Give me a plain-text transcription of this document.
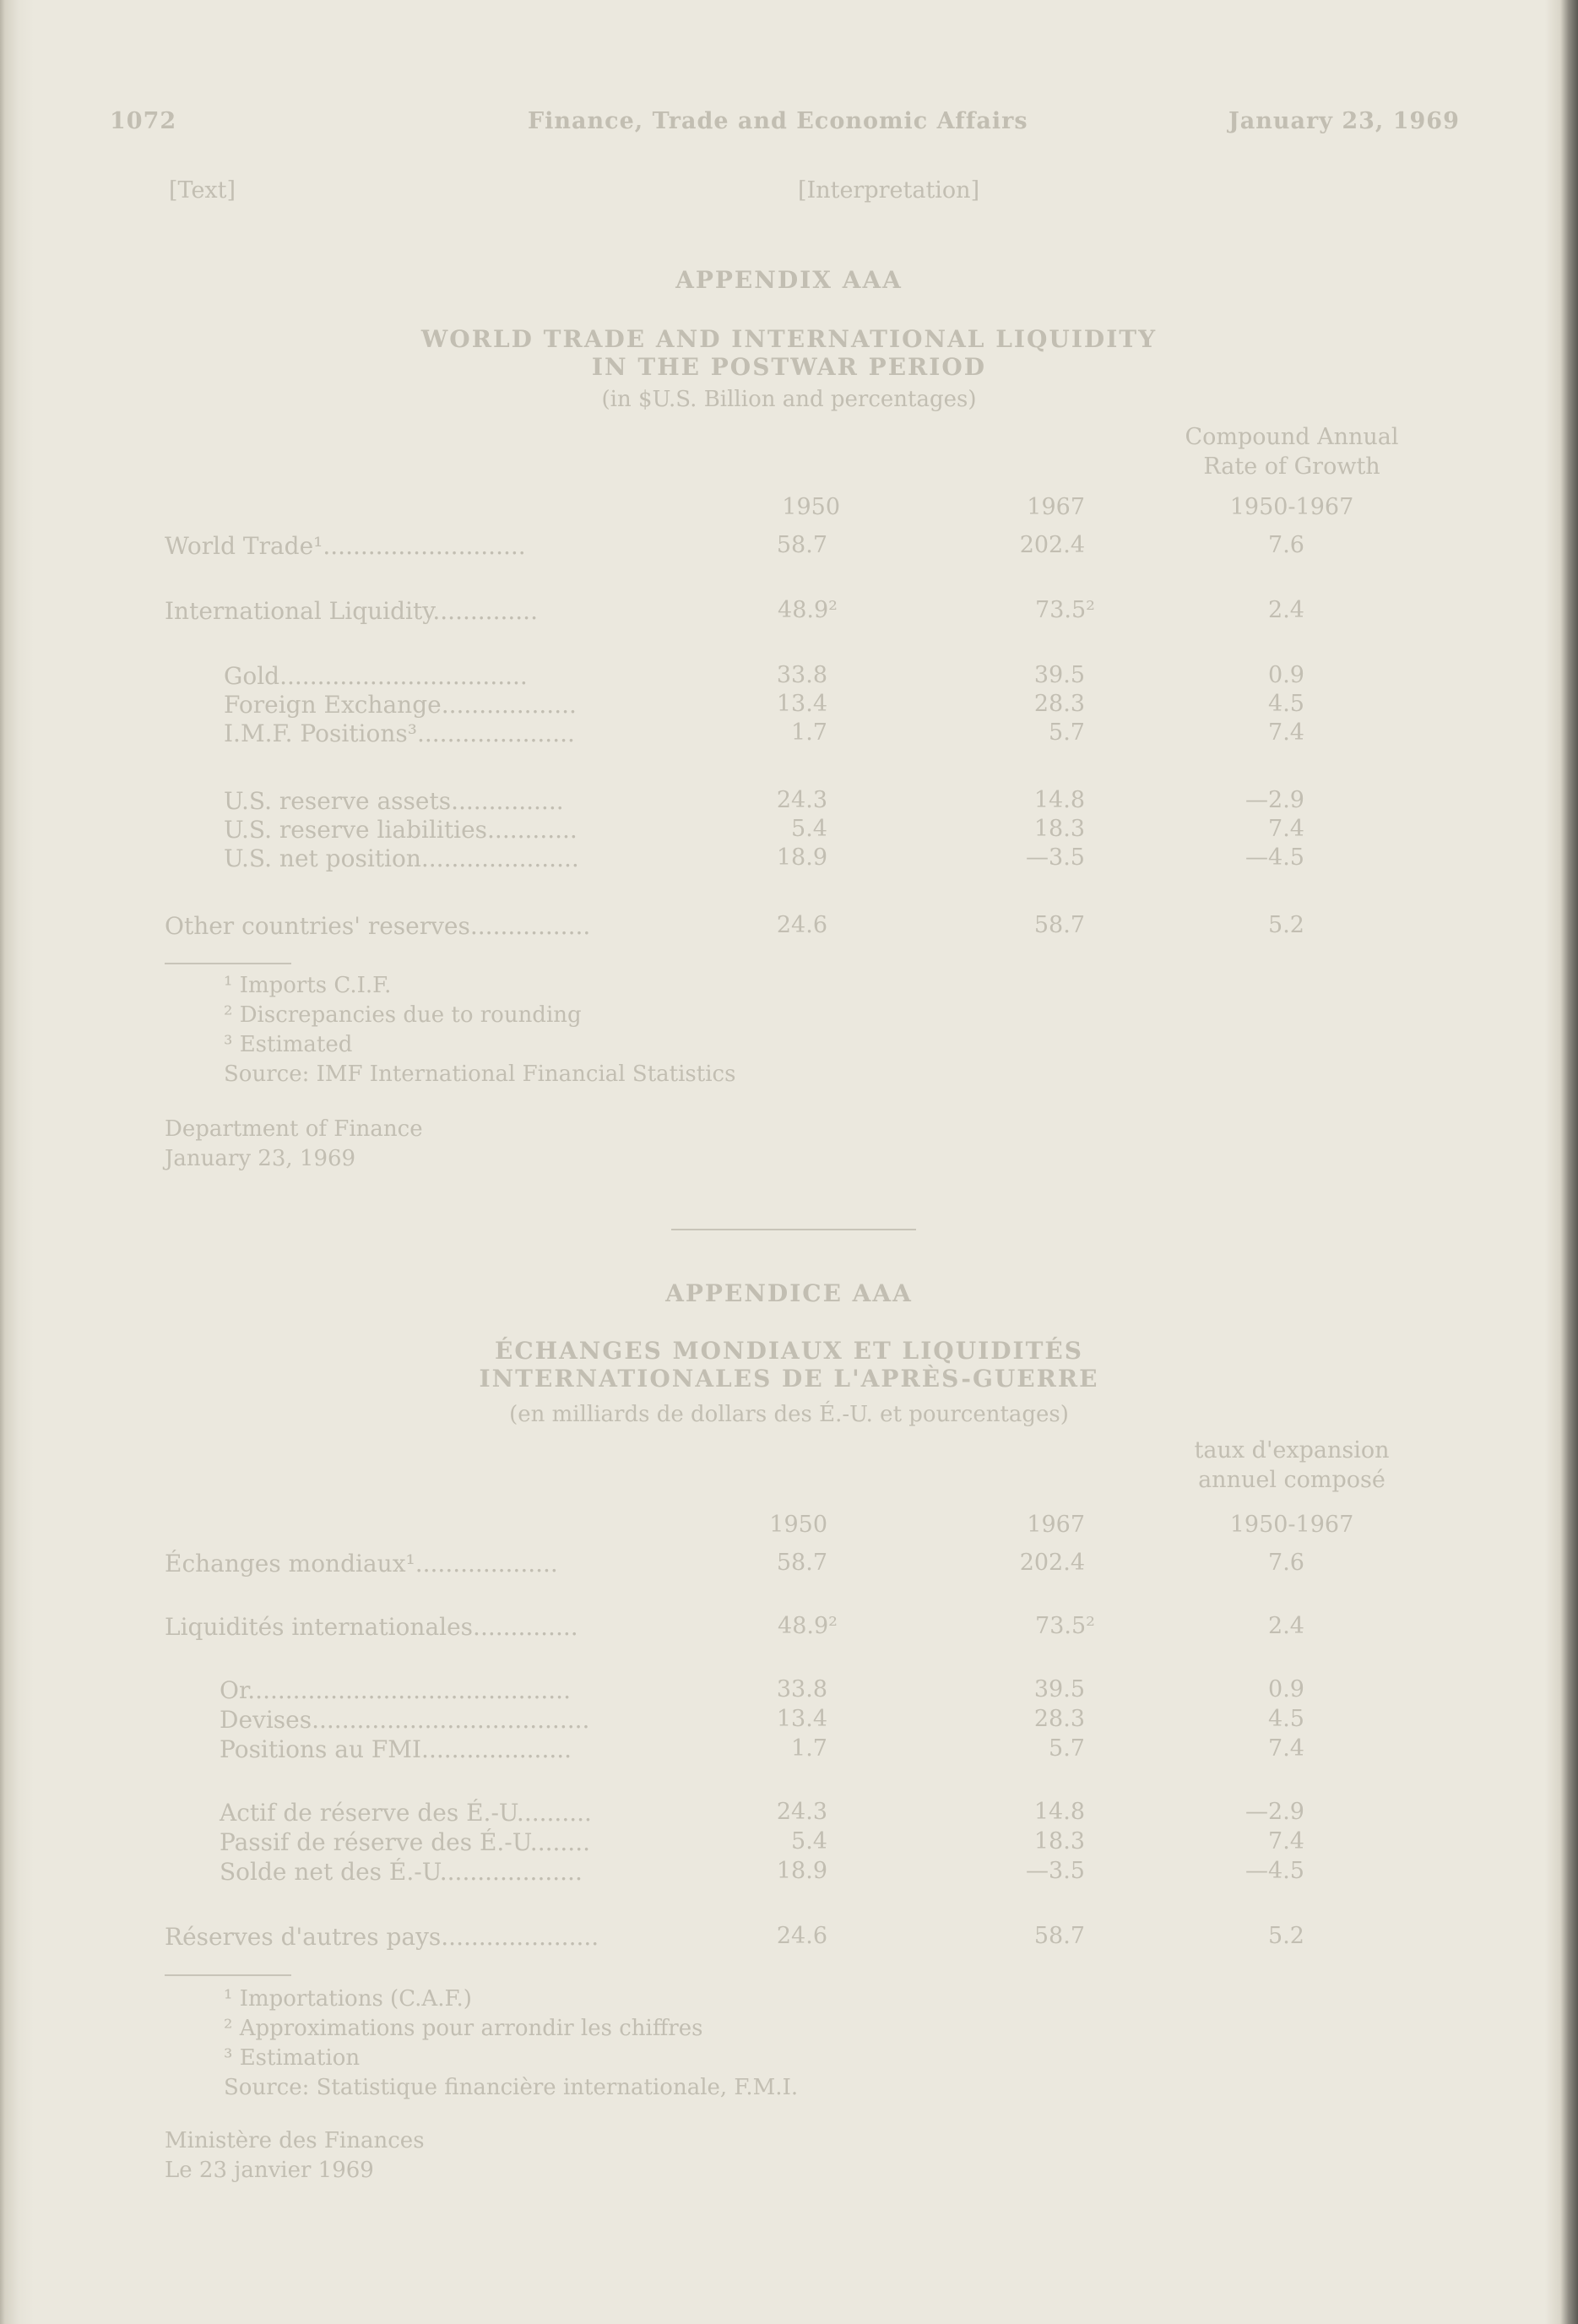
1072	Finance, Trade and Economic Affairs	January 23, 1969
[Text]	[Interpretation]
APPENDIX AAA
WORLD TRADE AND INTERNATIONAL LIQUIDITY
IN THE POSTWAR PERIOD
(in $U.S. Billion and percentages)
Compound Annual
Rate of Growth
1950	1967	1950-1967
World Trade¹...........................	58.7	202.4	7.6
International Liquidity..............	48.9²	73.5²	2.4
Gold.................................	33.8	39.5	0.9
Foreign Exchange..................	13.4	28.3	4.5
I.M.F. Positions³.....................	1.7	5.7	7.4
U.S. reserve assets...............	24.3	14.8	—2.9
U.S. reserve liabilities............	5.4	18.3	7.4
U.S. net position.....................	18.9	—3.5	—4.5
Other countries' reserves................	24.6	58.7	5.2
¹ Imports C.I.F.
² Discrepancies due to rounding
³ Estimated
Source: IMF International Financial Statistics
Department of Finance
January 23, 1969
APPENDICE AAA
ÉCHANGES MONDIAUX ET LIQUIDITÉS
INTERNATIONALES DE L'APRÈS-GUERRE
(en milliards de dollars des É.-U. et pourcentages)
taux d'expansion
annuel composé
1950	1967	1950-1967
Échanges mondiaux¹...................	58.7	202.4	7.6
Liquidités internationales..............	48.9²	73.5²	2.4
Or...........................................	33.8	39.5	0.9
Devises.....................................	13.4	28.3	4.5
Positions au FMI....................	1.7	5.7	7.4
Actif de réserve des É.-U..........	24.3	14.8	—2.9
Passif de réserve des É.-U........	5.4	18.3	7.4
Solde net des É.-U...................	18.9	—3.5	—4.5
Réserves d'autres pays.....................	24.6	58.7	5.2
¹ Importations (C.A.F.)
² Approximations pour arrondir les chiffres
³ Estimation
Source: Statistique financière internationale, F.M.I.
Ministère des Finances
Le 23 janvier 1969
